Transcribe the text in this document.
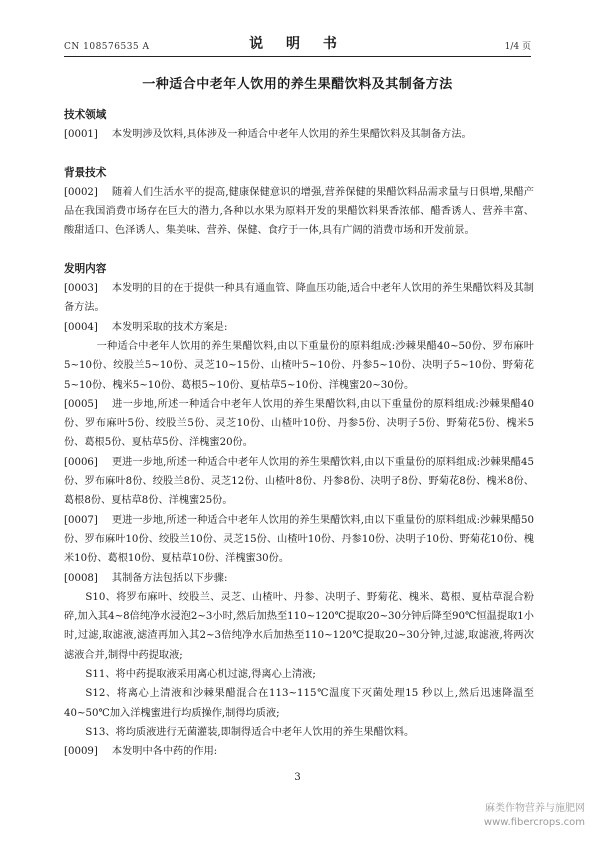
CN 108576535 A	说 明 书	1/4 页
一种适合中老年人饮用的养生果醋饮料及其制备方法
技术领域

[0001] 本发明涉及饮料,具体涉及一种适合中老年人饮用的养生果醋饮料及其制备方法。

背景技术

[0002] 随着人们生活水平的提高,健康保健意识的增强,营养保健的果醋饮料品需求量与日俱增,果醋产品在我国消费市场存在巨大的潜力,各种以水果为原料开发的果醋饮料果香浓郁、醋香诱人、营养丰富、酸甜适口、色泽诱人、集美味、营养、保健、食疗于一体,具有广阔的消费市场和开发前景。

发明内容

[0003] 本发明的目的在于提供一种具有通血管、降血压功能,适合中老年人饮用的养生果醋饮料及其制备方法。

[0004] 本发明采取的技术方案是:

一种适合中老年人饮用的养生果醋饮料,由以下重量份的原料组成:沙棘果醋40~50份、罗布麻叶5~10份、绞股兰5~10份、灵芝10~15份、山楂叶5~10份、丹参5~10份、决明子5~10份、野菊花5~10份、槐米5~10份、葛根5~10份、夏枯草5~10份、洋槐蜜20~30份。

[0005] 进一步地,所述一种适合中老年人饮用的养生果醋饮料,由以下重量份的原料组成:沙棘果醋40份、罗布麻叶5份、绞股兰5份、灵芝10份、山楂叶10份、丹参5份、决明子5份、野菊花5份、槐米5份、葛根5份、夏枯草5份、洋槐蜜20份。

[0006] 更进一步地,所述一种适合中老年人饮用的养生果醋饮料,由以下重量份的原料组成:沙棘果醋45份、罗布麻叶8份、绞股兰8份、灵芝12份、山楂叶8份、丹参8份、决明子8份、野菊花8份、槐米8份、葛根8份、夏枯草8份、洋槐蜜25份。

[0007] 更进一步地,所述一种适合中老年人饮用的养生果醋饮料,由以下重量份的原料组成:沙棘果醋50份、罗布麻叶10份、绞股兰10份、灵芝15份、山楂叶10份、丹参10份、决明子10份、野菊花10份、槐米10份、葛根10份、夏枯草10份、洋槐蜜30份。

[0008] 其制备方法包括以下步骤:

S10、将罗布麻叶、绞股兰、灵芝、山楂叶、丹参、决明子、野菊花、槐米、葛根、夏枯草混合粉碎,加入其4~8倍纯净水浸泡2~3小时,然后加热至110~120℃提取20~30分钟后降至90℃恒温提取1小时,过滤,取滤液,滤渣再加入其2~3倍纯净水后加热至110~120℃提取20~30分钟,过滤,取滤液,将两次滤液合并,制得中药提取液;

S11、将中药提取液采用离心机过滤,得离心上清液;

S12、将离心上清液和沙棘果醋混合在113~115℃温度下灭菌处理15 秒以上,然后迅速降温至40~50℃加入洋槐蜜进行均质操作,制得均质液;

S13、将均质液进行无菌灌装,即制得适合中老年人饮用的养生果醋饮料。

[0009] 本发明中各中药的作用:

3
麻类作物营养与施肥网
www.fibercrops.com
